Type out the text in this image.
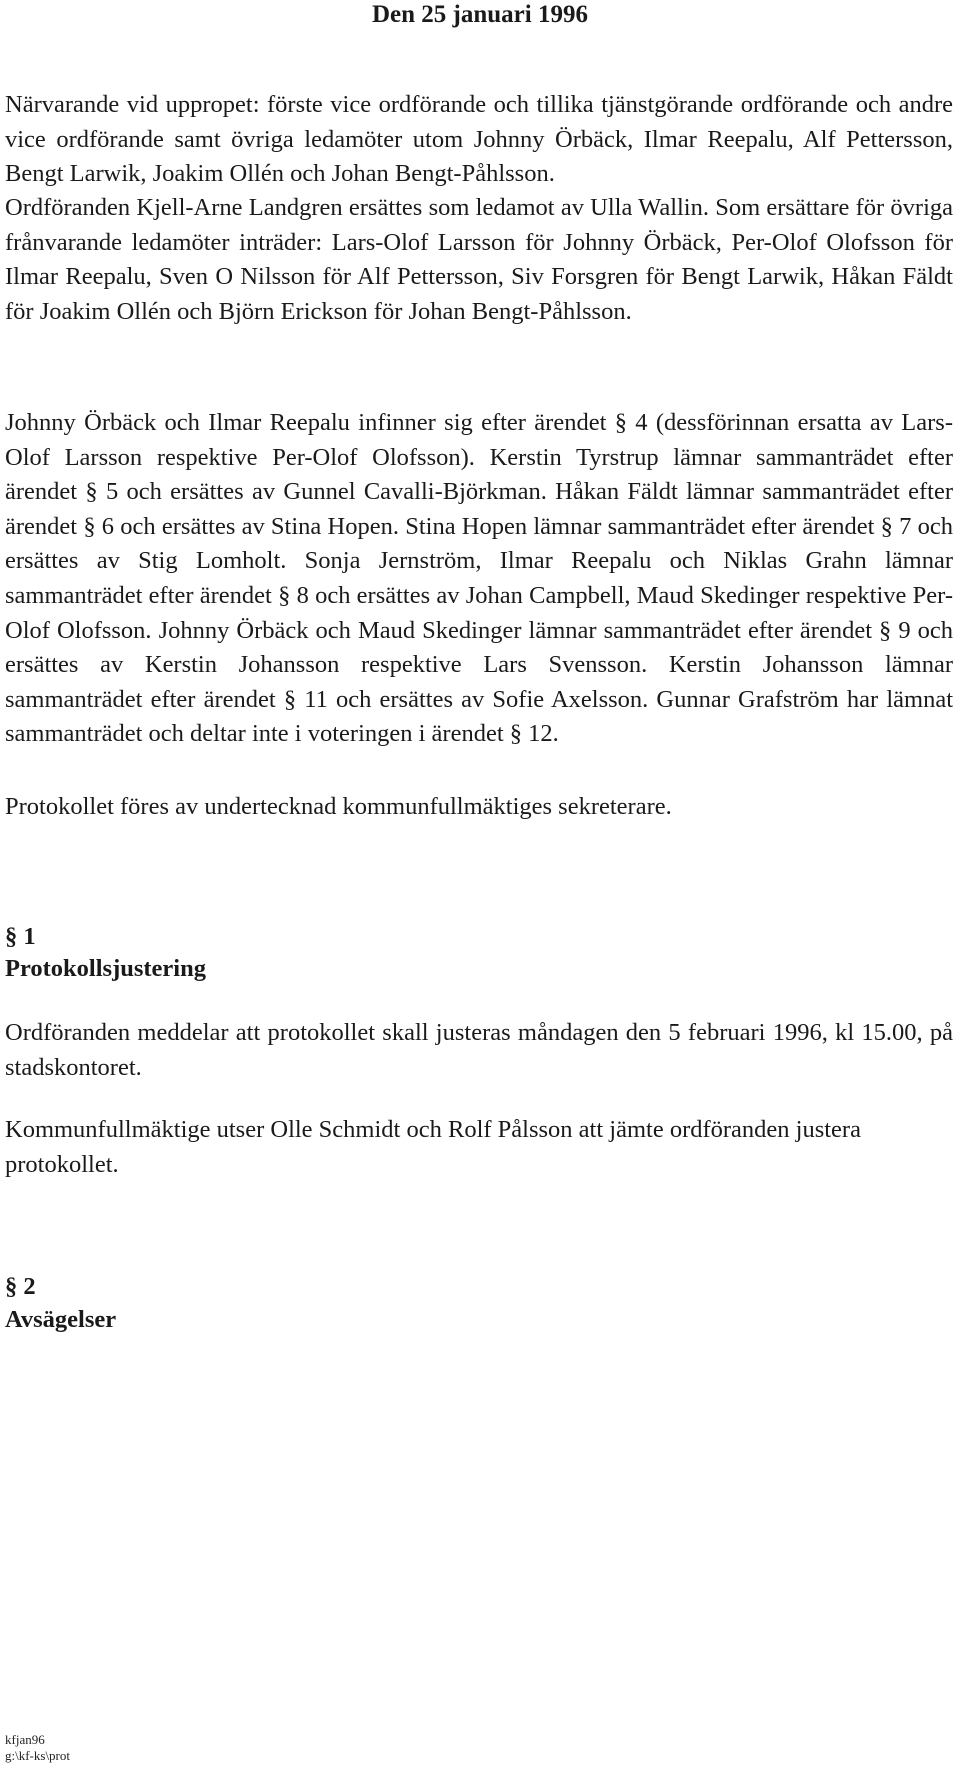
Den 25 januari 1996

Närvarande vid uppropet: förste vice ordförande och tillika tjänstgörande ordförande och andre vice ordförande samt övriga ledamöter utom Johnny Örbäck, Ilmar Reepalu, Alf Pettersson, Bengt Larwik, Joakim Ollén och Johan Bengt-Påhlsson.

Ordföranden Kjell-Arne Landgren ersättes som ledamot av Ulla Wallin. Som ersättare för övriga frånvarande ledamöter inträder: Lars-Olof Larsson för Johnny Örbäck, Per-Olof Olofsson för Ilmar Reepalu, Sven O Nilsson för Alf Pettersson, Siv Forsgren för Bengt Larwik, Håkan Fäldt för Joakim Ollén och Björn Erickson för Johan Bengt-Påhlsson.

Johnny Örbäck och Ilmar Reepalu infinner sig efter ärendet § 4 (dessförinnan ersatta av Lars-Olof Larsson respektive Per-Olof Olofsson). Kerstin Tyrstrup lämnar sammanträdet efter ärendet § 5 och ersättes av Gunnel Cavalli-Björkman. Håkan Fäldt lämnar sammanträdet efter ärendet § 6 och ersättes av Stina Hopen. Stina Hopen lämnar sammanträdet efter ärendet § 7 och ersättes av Stig Lomholt. Sonja Jernström, Ilmar Reepalu och Niklas Grahn lämnar sammanträdet efter ärendet § 8 och ersättes av Johan Campbell, Maud Skedinger respektive Per-Olof Olofsson. Johnny Örbäck och Maud Skedinger lämnar sammanträdet efter ärendet § 9 och ersättes av Kerstin Johansson respektive Lars Svensson. Kerstin Johansson lämnar sammanträdet efter ärendet § 11 och ersättes av Sofie Axelsson. Gunnar Grafström har lämnat sammanträdet och deltar inte i voteringen i ärendet § 12.

Protokollet föres av undertecknad kommunfullmäktiges sekreterare.

§ 1
Protokollsjustering

Ordföranden meddelar att protokollet skall justeras måndagen den 5 februari 1996, kl 15.00, på stadskontoret.

Kommunfullmäktige utser Olle Schmidt och Rolf Pålsson att jämte ordföranden justera protokollet.

§ 2
Avsägelser
kfjan96
g:\kf-ks\prot
